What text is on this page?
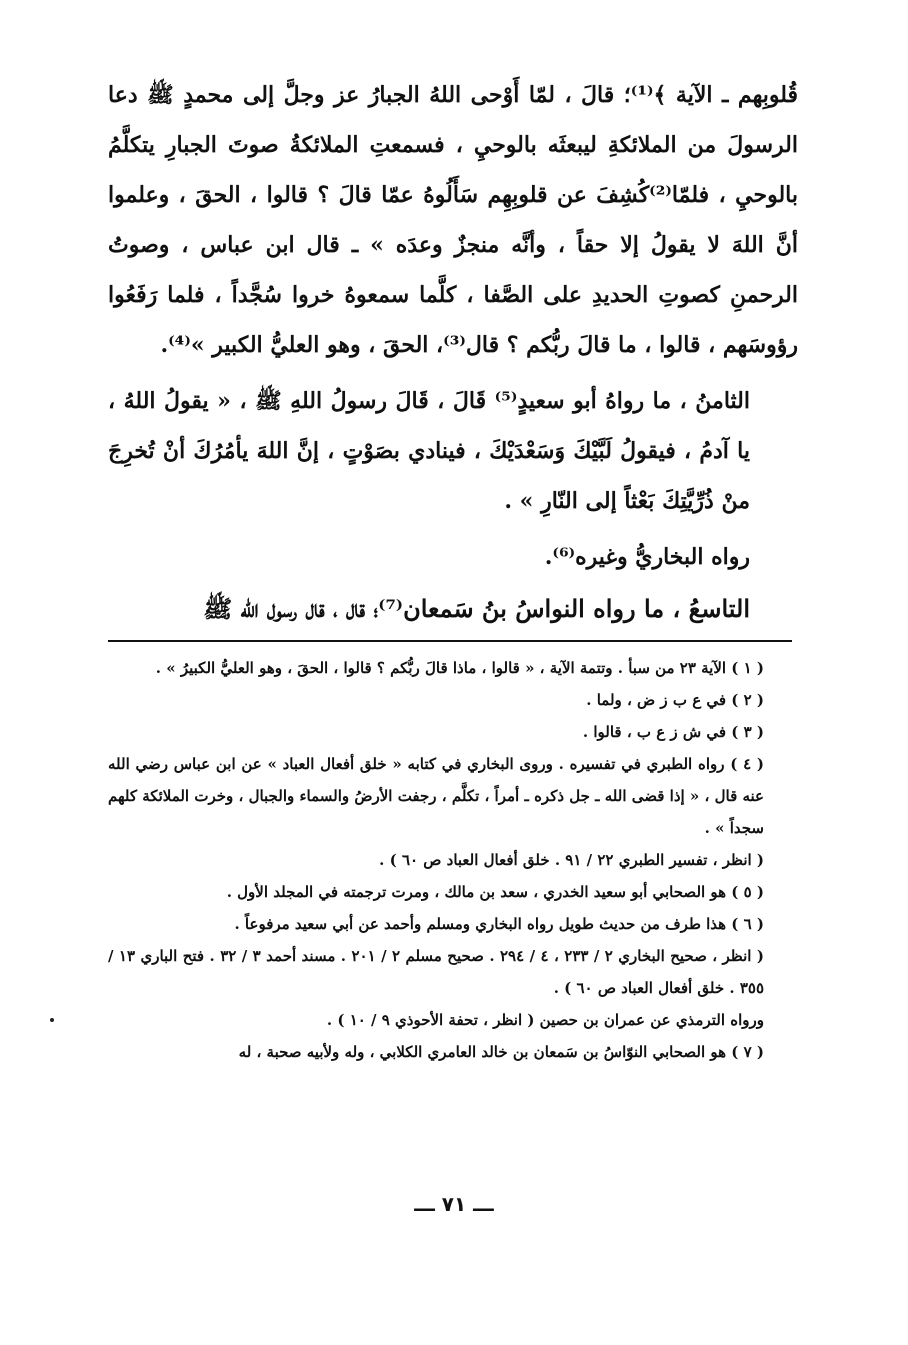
قُلوبِهم ـ الآية ﴾⁽¹⁾؛ قالَ ، لمّا أَوْحى اللهُ الجبارُ عز وجلَّ إلى محمدٍ ﷺ دعا الرسولَ من الملائكةِ ليبعثَه بالوحيِ ، فسمعتِ الملائكةُ صوتَ الجبارِ يتكلَّمُ بالوحيِ ، فلمّا⁽²⁾كُشِفَ عن قلوبِهِم سَأَلُوهُ عمّا قالَ ؟ قالوا ، الحقَ ، وعلموا أنَّ اللهَ لا يقولُ إلا حقاً ، وأنَّه منجزٌ وعدَه » ـ قال ابن عباس ، وصوتُ الرحمنِ كصوتِ الحديدِ على الصَّفا ، كلَّما سمعوهُ خروا سُجَّداً ، فلما رَفَعُوا رؤوسَهم ، قالوا ، ما قالَ ربُّكم ؟ قال⁽³⁾، الحقَ ، وهو العليُّ الكبير »⁽⁴⁾.

الثامنُ ، ما رواهُ أبو سعيدٍ⁽⁵⁾ قَالَ ، قَالَ رسولُ اللهِ ﷺ ، « يقولُ اللهُ ، يا آدمُ ، فيقولُ لَبَّيْكَ وَسَعْدَيْكَ ، فينادي بصَوْتٍ ، إنَّ اللهَ يأمُرُكَ أنْ تُخرِجَ منْ ذُرِّيَّتِكَ بَعْثاً إلى النّارِ » .

رواه البخاريُّ وغيره⁽⁶⁾.

التاسعُ ، ما رواه النواسُ بنُ سَمعان⁽⁷⁾؛ قال ، قال رسول الله ﷺ

( ١ ) الآية ٢٣ من سبأ . وتتمة الآية ، « قالوا ، ماذا قالَ ربُّكم ؟ قالوا ، الحقَ ، وهو العليُّ الكبيرُ » .

( ٢ ) في ع ب ز ض ، ولما .

( ٣ ) في ش ز ع ب ، قالوا .

( ٤ ) رواه الطبري في تفسيره . وروى البخاري في كتابه « خلق أفعال العباد » عن ابن عباس رضي الله عنه قال ، « إذا قضى الله ـ جل ذكره ـ أمراً ، تكلَّم ، رجفت الأرضُ والسماء والجبال ، وخرت الملائكة كلهم سجداً » .

( انظر ، تفسير الطبري ٢٢ / ٩١ . خلق أفعال العباد ص ٦٠ ) .

( ٥ ) هو الصحابي أبو سعيد الخدري ، سعد بن مالك ، ومرت ترجمته في المجلد الأول .

( ٦ ) هذا طرف من حديث طويل رواه البخاري ومسلم وأحمد عن أبي سعيد مرفوعاً .

( انظر ، صحيح البخاري ٢ / ٢٣٣ ، ٤ / ٢٩٤ . صحيح مسلم ٢ / ٢٠١ . مسند أحمد ٣ / ٣٢ . فتح الباري ١٣ / ٣٥٥ . خلق أفعال العباد ص ٦٠ ) .

ورواه الترمذي عن عمران بن حصين ( انظر ، تحفة الأحوذي ٩ / ١٠ ) .

( ٧ ) هو الصحابي النوّاسُ بن سَمعان بن خالد العامري الكلابي ، وله ولأبيه صحبة ، له

ـــ ٧١ ـــ
